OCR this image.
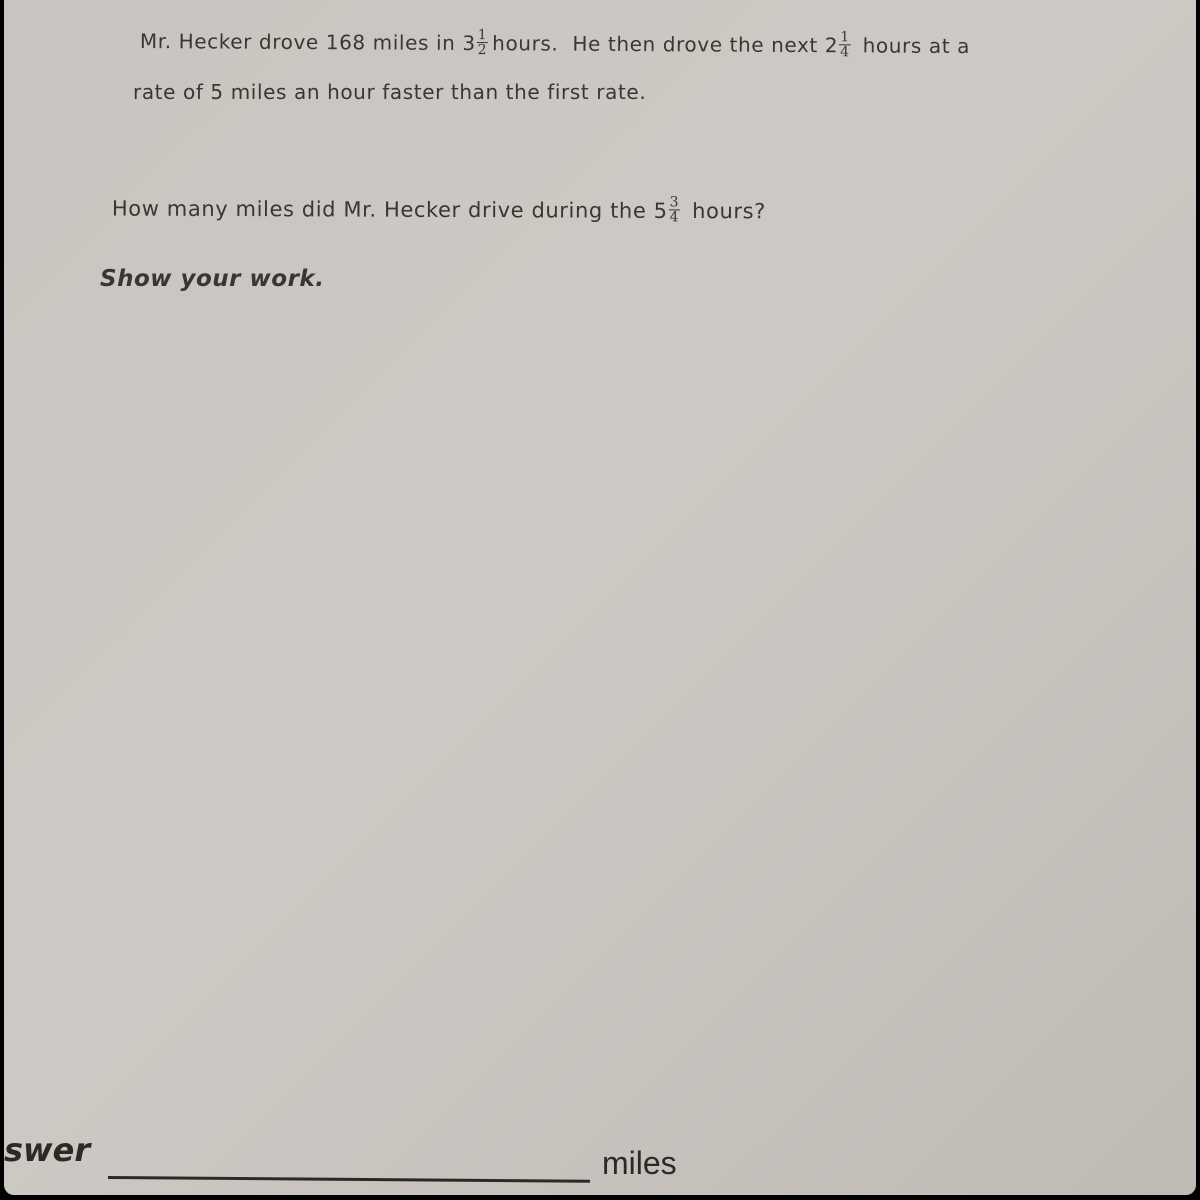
Mr. Hecker drove 168 miles in $3 \frac{1}{2}$ hours. He then drove the next $2 \frac{1}{4}$ hours at a
rate of 5 miles an hour faster than the first rate.
How many miles did Mr. Hecker drive during the $5 \frac{3}{4}$ hours?
Show your work.
swer	miles
